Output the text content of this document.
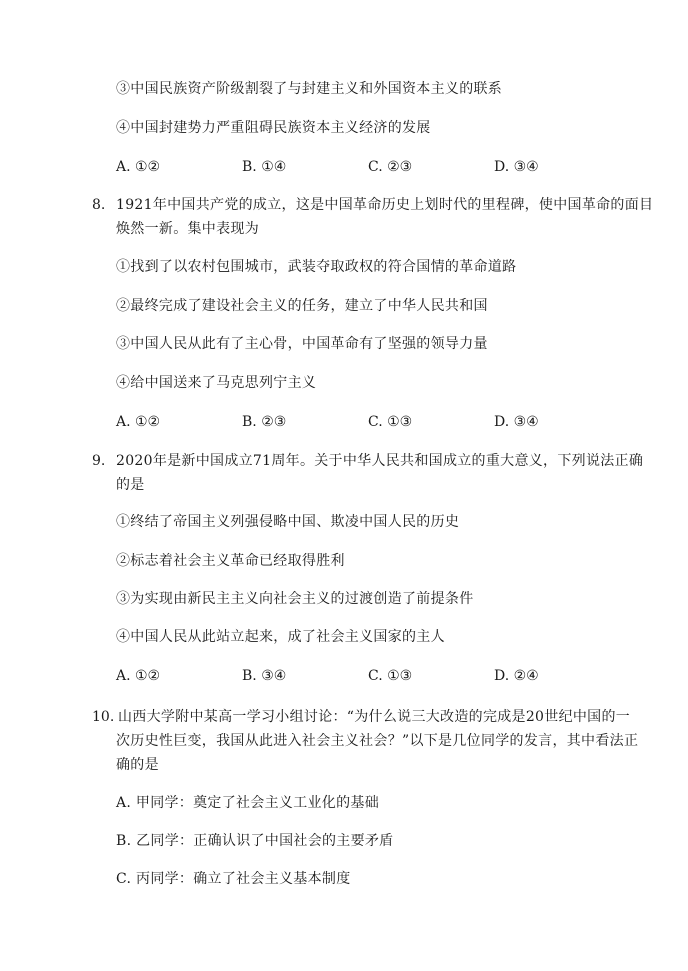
③中国民族资产阶级割裂了与封建主义和外国资本主义的联系
④中国封建势力严重阻碍民族资本主义经济的发展
A. ①②	B. ①④	C. ②③	D. ③④
8. 1921年中国共产党的成立，这是中国革命历史上划时代的里程碑，使中国革命的面目
焕然一新。集中表现为
①找到了以农村包围城市，武装夺取政权的符合国情的革命道路
②最终完成了建设社会主义的任务，建立了中华人民共和国
③中国人民从此有了主心骨，中国革命有了坚强的领导力量
④给中国送来了马克思列宁主义
A. ①②	B. ②③	C. ①③	D. ③④
9. 2020年是新中国成立71周年。关于中华人民共和国成立的重大意义，下列说法正确
的是
①终结了帝国主义列强侵略中国、欺凌中国人民的历史
②标志着社会主义革命已经取得胜利
③为实现由新民主主义向社会主义的过渡创造了前提条件
④中国人民从此站立起来，成了社会主义国家的主人
A. ①②	B. ③④	C. ①③	D. ②④
10. 山西大学附中某高一学习小组讨论：“为什么说三大改造的完成是20世纪中国的一
次历史性巨变，我国从此进入社会主义社会？”以下是几位同学的发言，其中看法正
确的是
A. 甲同学：奠定了社会主义工业化的基础
B. 乙同学：正确认识了中国社会的主要矛盾
C. 丙同学：确立了社会主义基本制度
